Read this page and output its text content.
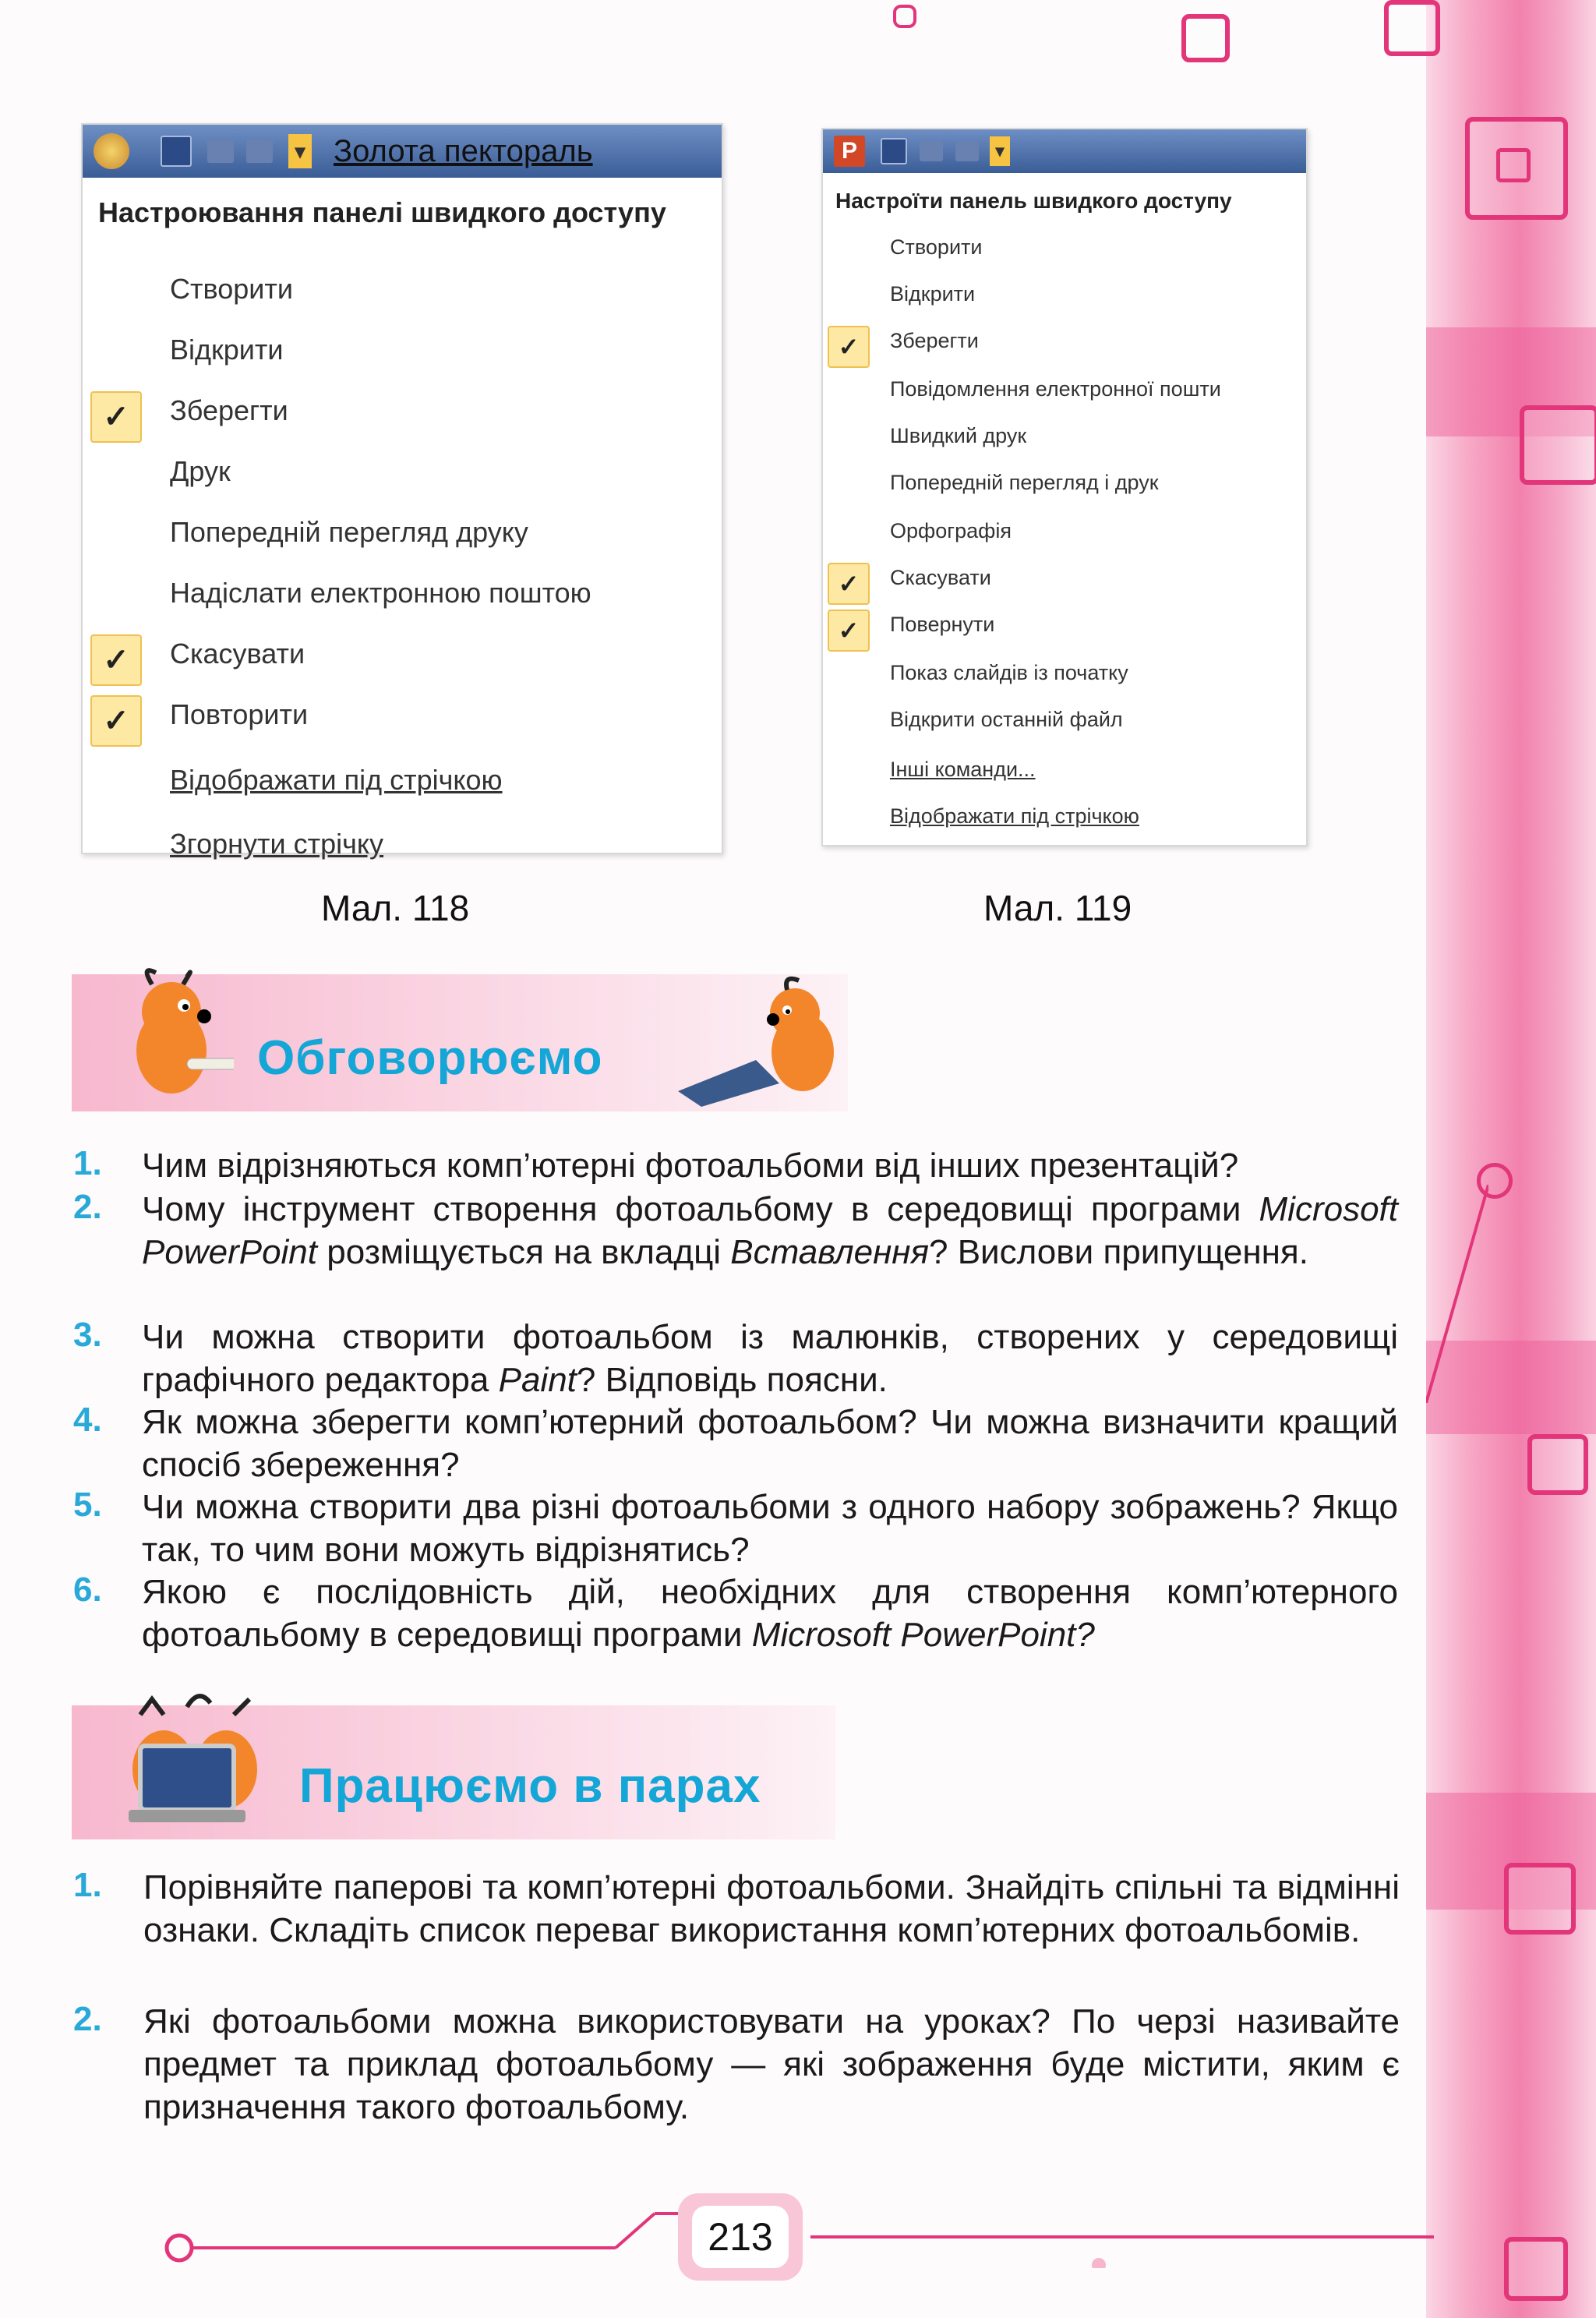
▾ Золота пектораль
Настроювання панелі швидкого доступу
Створити
Відкрити
✓	Зберегти
Друк
Попередній перегляд друку
Надіслати електронною поштою
✓	Скасувати
✓	Повторити
Відображати під стрічкою
Згорнути стрічку
Мал. 118
P	▾
Настроїти панель швидкого доступу
Створити
Відкрити
✓	Зберегти
Повідомлення електронної пошти
Швидкий друк
Попередній перегляд і друк
Орфографія
✓	Скасувати
✓	Повернути
Показ слайдів із початку
Відкрити останній файл
Інші команди...
Відображати під стрічкою
Мал. 119
Обговорюємо
1.	Чим відрізняються комп’ютерні фотоальбоми від інших презентацій?
2.	Чому інструмент створення фотоальбому в середовищі програми Microsoft PowerPoint розміщується на вкладці Вставлення? Вислови припущення.
3.	Чи можна створити фотоальбом із малюнків, створених у середовищі графічного редактора Paint? Відповідь поясни.
4.	Як можна зберегти комп’ютерний фотоальбом? Чи можна визначити кращий спосіб збереження?
5.	Чи можна створити два різні фотоальбоми з одного набору зображень? Якщо так, то чим вони можуть відрізнятись?
6.	Якою є послідовність дій, необхідних для створення комп’ютерного фотоальбому в середовищі програми Microsoft PowerPoint?
Працюємо в парах
1.	Порівняйте паперові та комп’ютерні фотоальбоми. Знайдіть спільні та відмінні ознаки. Складіть список переваг використання комп’ютерних фотоальбомів.
2.	Які фотоальбоми можна використовувати на уроках? По черзі називайте предмет та приклад фотоальбому — які зображення буде містити, яким є призначення такого фотоальбому.
213
